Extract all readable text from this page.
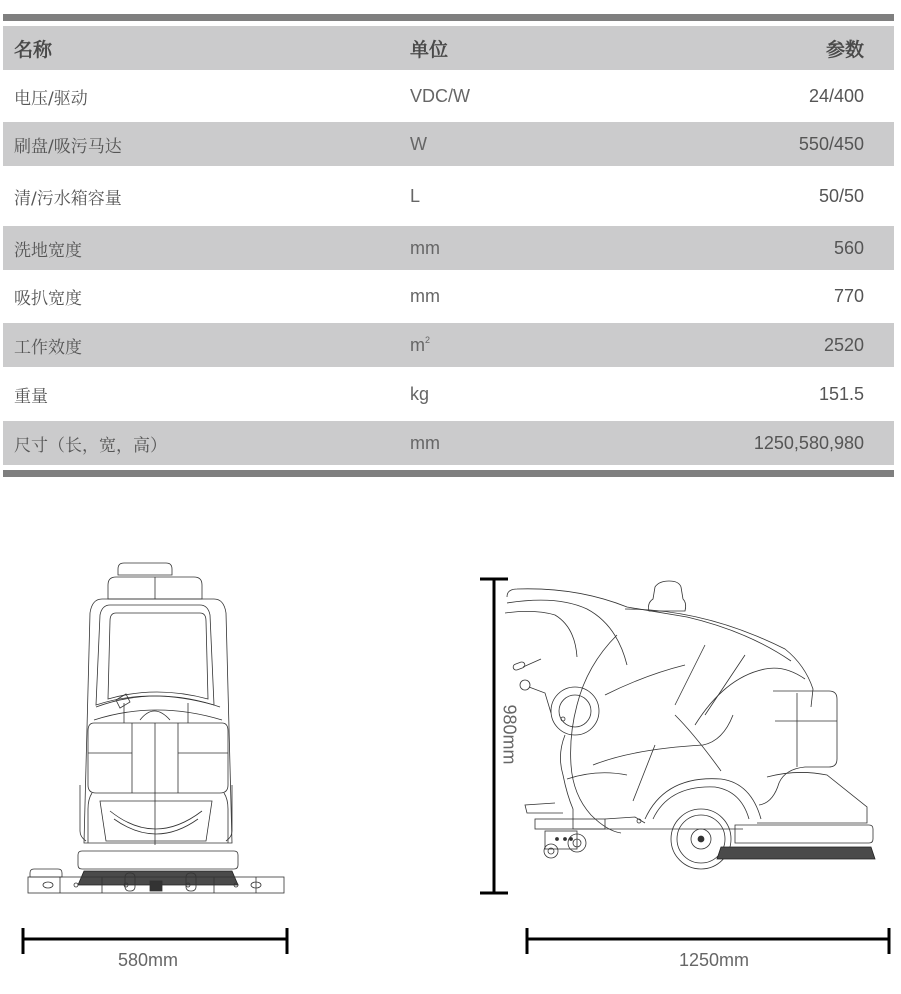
名称	单位	参数
电压/驱动	VDC/W	24/400
刷盘/吸污马达	W	550/450
清/污水箱容量	L	50/50
洗地宽度	mm	560
吸扒宽度	mm	770
工作效度	$m^2$	2520
重量	kg	151.5
尺寸（长，宽，高）	mm	1250,580,980
580mm
980mm
1250mm
